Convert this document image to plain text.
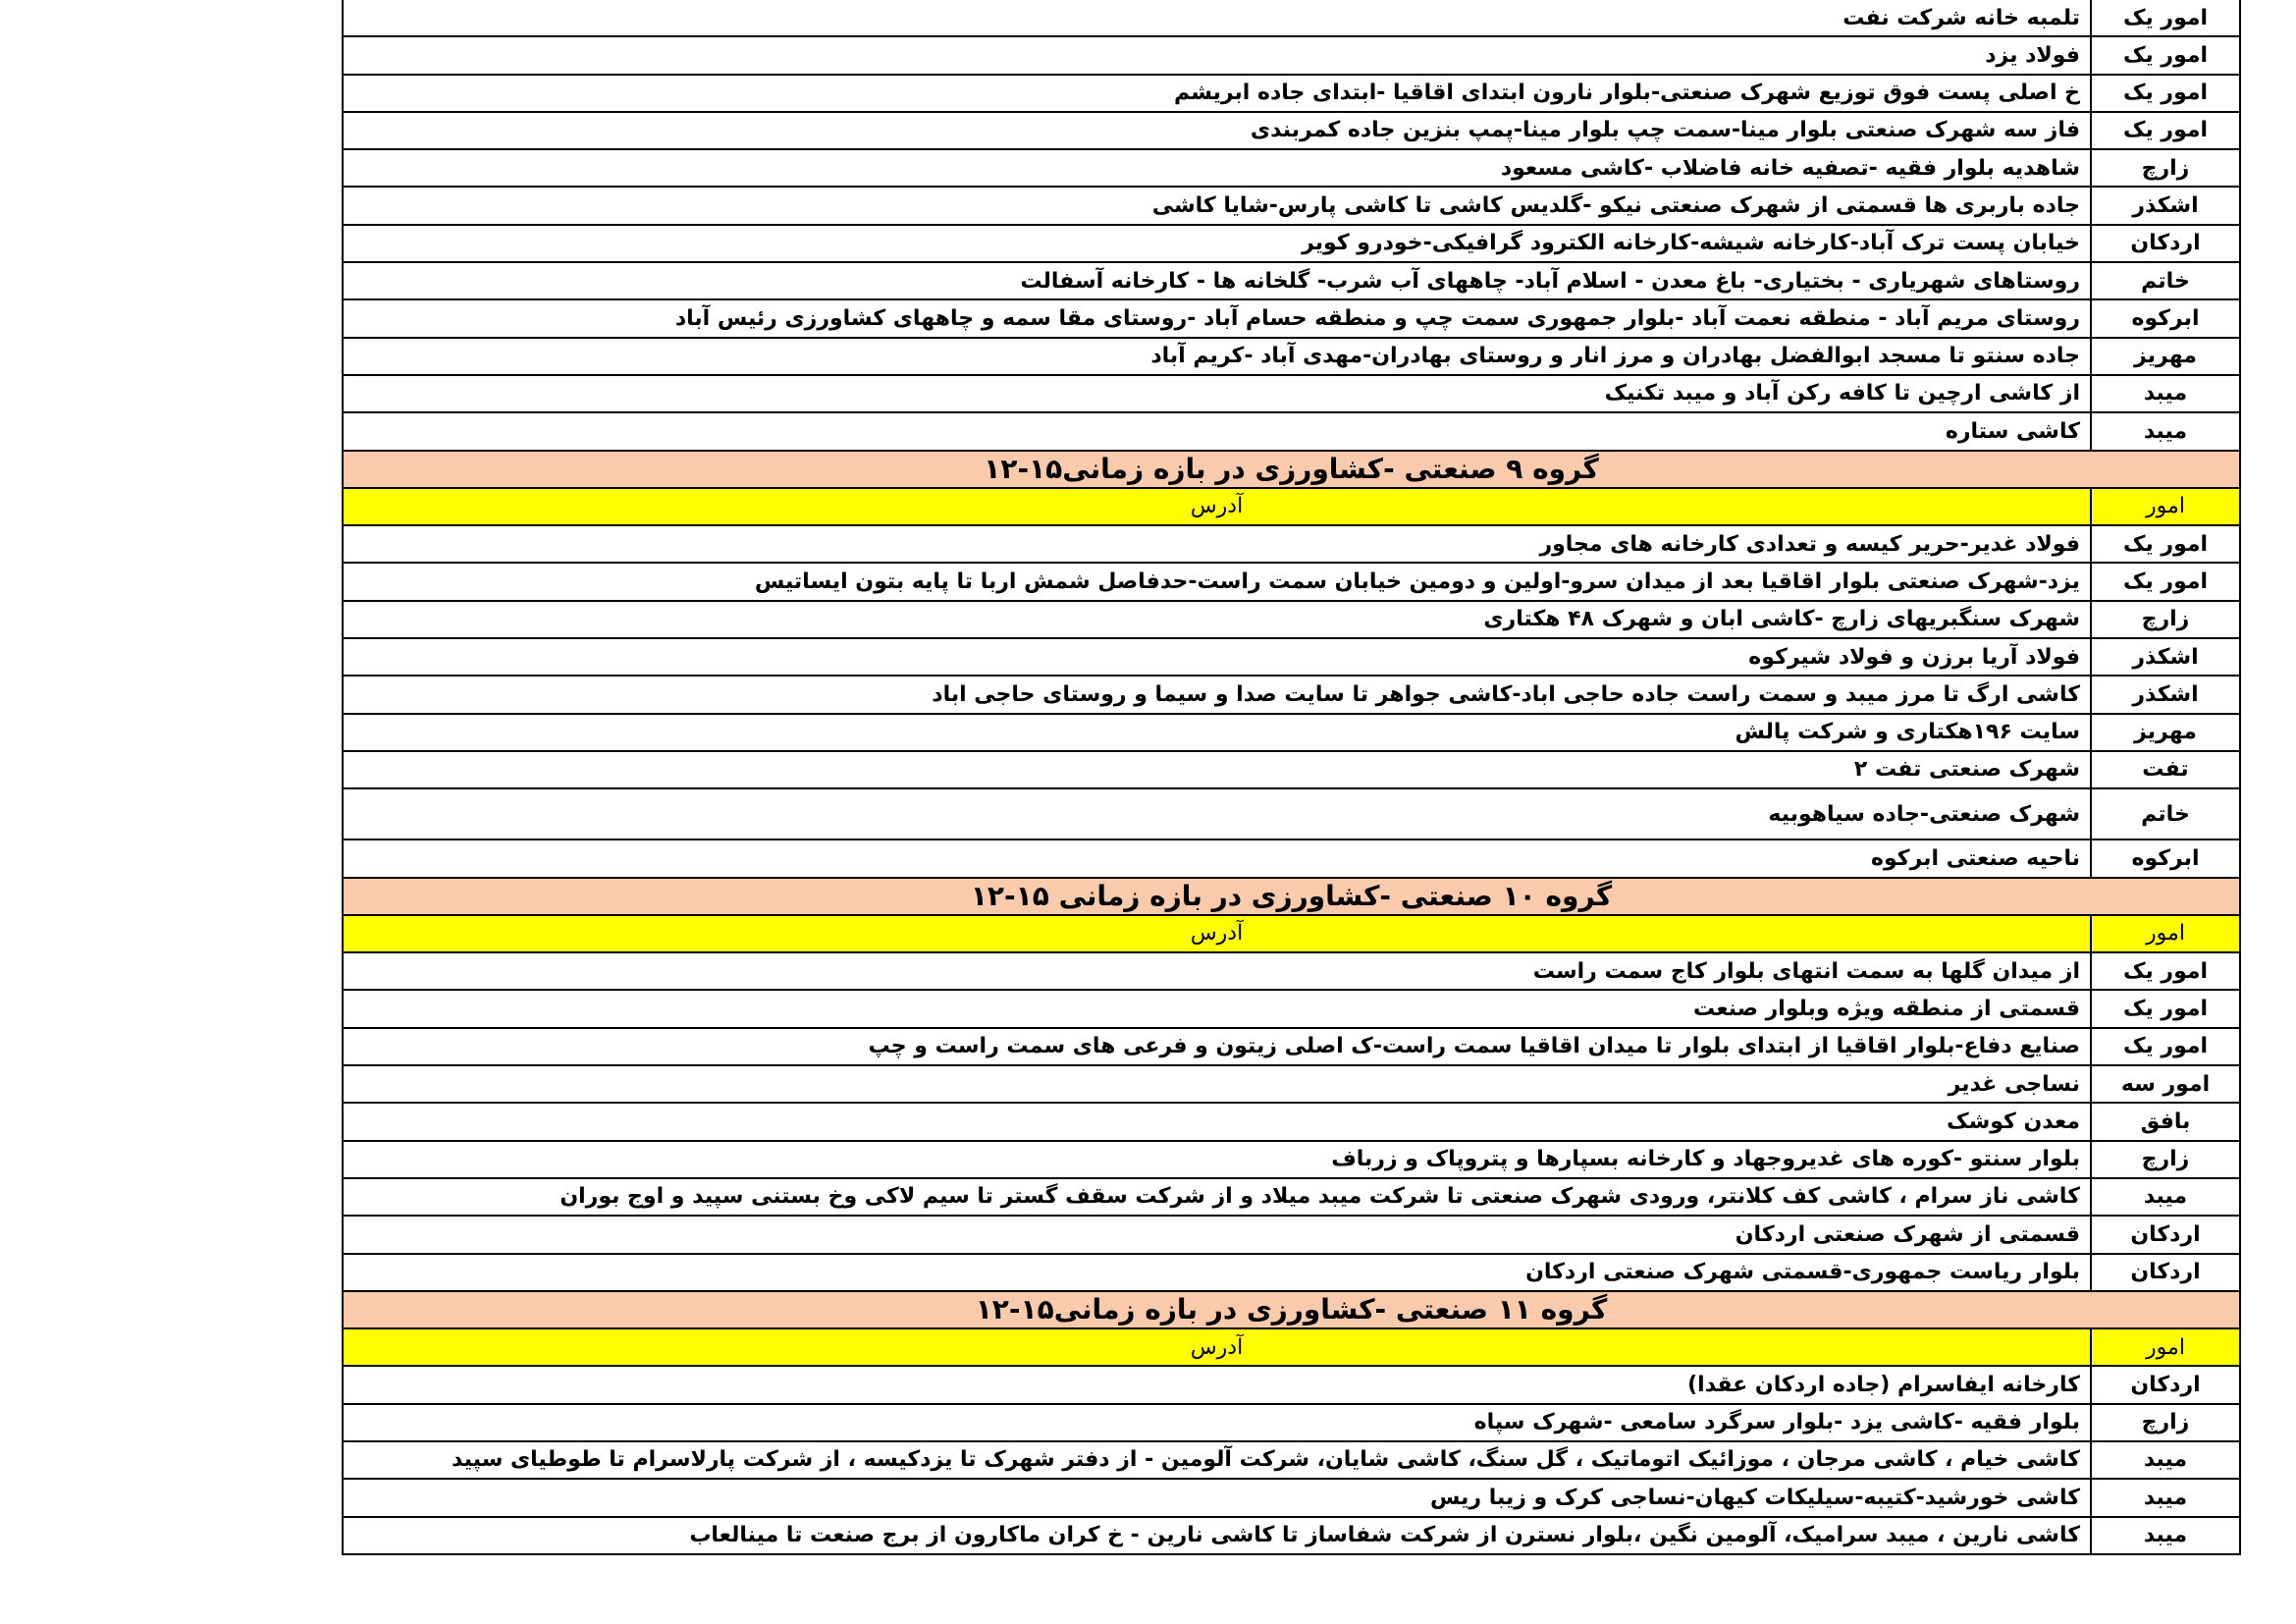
امور یک	تلمبه خانه شرکت نفت
امور یک	فولاد یزد
امور یک	خ اصلی پست فوق توزیع شهرک صنعتی-بلوار نارون ابتدای اقاقیا -ابتدای جاده ابریشم
امور یک	فاز سه شهرک صنعتی بلوار مینا-سمت چپ بلوار مینا-پمپ بنزین جاده کمربندی
زارچ	شاهدیه بلوار فقیه -تصفیه خانه فاضلاب -کاشی مسعود
اشکذر	جاده باربری ها قسمتی از شهرک صنعتی نیکو -گلدیس کاشی تا کاشی پارس-شایا کاشی
اردکان	خیابان پست ترک آباد-کارخانه شیشه-کارخانه الکترود گرافیکی-خودرو کویر
خاتم	روستاهای شهریاری - بختیاری- باغ معدن - اسلام آباد- چاههای آب شرب- گلخانه ها - کارخانه آسفالت
ابرکوه	روستای مریم آباد - منطقه نعمت آباد -بلوار جمهوری سمت چپ و منطقه حسام آباد -روستای مقا سمه و چاههای کشاورزی رئیس آباد
مهریز	جاده سنتو تا مسجد ابوالفضل بهادران و مرز انار و روستای بهادران-مهدی آباد -کریم آباد
میبد	از کاشی ارچین تا کافه رکن آباد و میبد تکنیک
میبد	کاشی ستاره
گروه ۹ صنعتی -کشاورزی در بازه زمانی۱۵-۱۲	
امور	آدرس
امور یک	فولاد غدیر-حریر کیسه و تعدادی کارخانه های مجاور
امور یک	یزد-شهرک صنعتی بلوار اقاقیا بعد از میدان سرو-اولین و دومین خیابان سمت راست-حدفاصل شمش اربا تا پایه بتون ایساتیس
زارچ	شهرک سنگبریهای زارچ -کاشی ابان و شهرک ۴۸ هکتاری
اشکذر	فولاد آریا برزن و فولاد شیرکوه
اشکذر	کاشی ارگ تا مرز میبد و سمت راست جاده حاجی اباد-کاشی جواهر تا سایت صدا و سیما و روستای حاجی اباد
مهریز	سایت ۱۹۶هکتاری و شرکت پالش
تفت	شهرک صنعتی تفت ۲
خاتم	شهرک صنعتی-جاده سیاهوبیه
ابرکوه	ناحیه صنعتی ابرکوه
گروه ۱۰ صنعتی -کشاورزی در بازه زمانی ۱۵-۱۲	
امور	آدرس
امور یک	از میدان گلها به سمت انتهای بلوار کاج سمت راست
امور یک	قسمتی از منطقه ویژه وبلوار صنعت
امور یک	صنایع دفاع-بلوار اقاقیا از ابتدای بلوار تا میدان اقاقیا سمت راست-ک اصلی زیتون و فرعی های سمت راست و چپ
امور سه	نساجی غدیر
بافق	معدن کوشک
زارچ	بلوار سنتو -کوره های غدیروجهاد و کارخانه بسپارها و پتروپاک و زرباف
میبد	کاشی ناز سرام ، کاشی کف کلانتر، ورودی شهرک صنعتی تا شرکت میبد میلاد و از شرکت سقف گستر تا سیم لاکی وخ بستنی سپید و اوج بوران
اردکان	قسمتی از شهرک صنعتی اردکان
اردکان	بلوار ریاست جمهوری-قسمتی شهرک صنعتی اردکان
گروه ۱۱ صنعتی -کشاورزی در بازه زمانی۱۵-۱۲	
امور	آدرس
اردکان	کارخانه ایفاسرام (جاده اردکان عقدا)
زارچ	بلوار فقیه -کاشی یزد -بلوار سرگرد سامعی -شهرک سپاه
میبد	کاشی خیام ، کاشی مرجان ، موزائیک اتوماتیک ، گل سنگ، کاشی شایان، شرکت آلومین - از دفتر شهرک تا یزدکیسه ، از شرکت پارلاسرام تا طوطیای سپید
میبد	کاشی خورشید-کتیبه-سیلیکات کیهان-نساجی کرک و زیبا ریس
میبد	کاشی نارین ، میبد سرامیک، آلومین نگین ،بلوار نسترن از شرکت شفاساز تا کاشی نارین - خ کران ماکارون از برج صنعت تا مینالعاب
